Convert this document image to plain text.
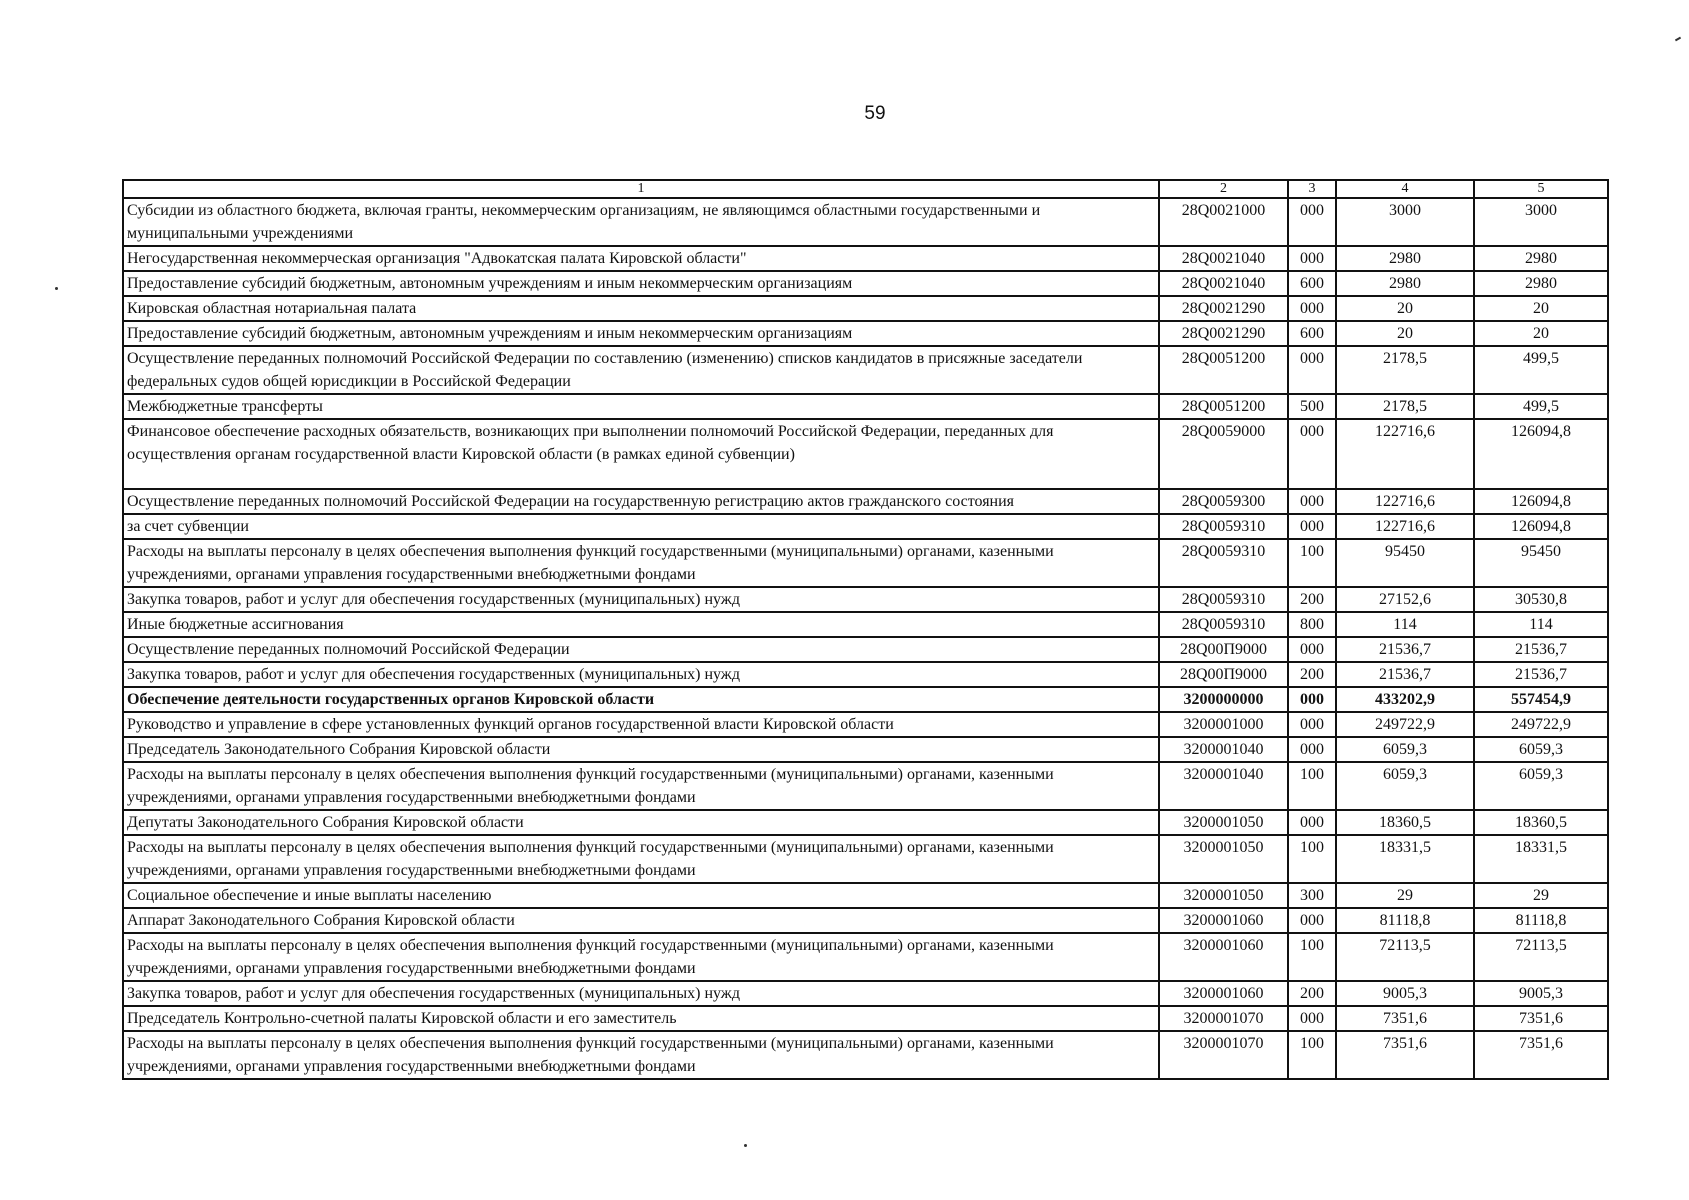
59
1	2	3	4	5
Субсидии из областного бюджета, включая гранты, некоммерческим организациям, не являющимся областными государственными и муниципальными учреждениями	28Q0021000	000	3000	3000
Негосударственная некоммерческая организация "Адвокатская палата Кировской области"	28Q0021040	000	2980	2980
Предоставление субсидий бюджетным, автономным учреждениям и иным некоммерческим организациям	28Q0021040	600	2980	2980
Кировская областная нотариальная палата	28Q0021290	000	20	20
Предоставление субсидий бюджетным, автономным учреждениям и иным некоммерческим организациям	28Q0021290	600	20	20
Осуществление переданных полномочий Российской Федерации по составлению (изменению) списков кандидатов в присяжные заседатели федеральных судов общей юрисдикции в Российской Федерации	28Q0051200	000	2178,5	499,5
Межбюджетные трансферты	28Q0051200	500	2178,5	499,5
Финансовое обеспечение расходных обязательств, возникающих при выполнении полномочий Российской Федерации, переданных для осуществления органам государственной власти Кировской области (в рамках единой субвенции)	28Q0059000	000	122716,6	126094,8
Осуществление переданных полномочий Российской Федерации на государственную регистрацию актов гражданского состояния	28Q0059300	000	122716,6	126094,8
за счет субвенции	28Q0059310	000	122716,6	126094,8
Расходы на выплаты персоналу в целях обеспечения выполнения функций государственными (муниципальными) органами, казенными учреждениями, органами управления государственными внебюджетными фондами	28Q0059310	100	95450	95450
Закупка товаров, работ и услуг для обеспечения государственных (муниципальных) нужд	28Q0059310	200	27152,6	30530,8
Иные бюджетные ассигнования	28Q0059310	800	114	114
Осуществление переданных полномочий Российской Федерации	28Q00П9000	000	21536,7	21536,7
Закупка товаров, работ и услуг для обеспечения государственных (муниципальных) нужд	28Q00П9000	200	21536,7	21536,7
Обеспечение деятельности государственных органов Кировской области	3200000000	000	433202,9	557454,9
Руководство и управление в сфере установленных функций органов государственной власти Кировской области	3200001000	000	249722,9	249722,9
Председатель Законодательного Собрания Кировской области	3200001040	000	6059,3	6059,3
Расходы на выплаты персоналу в целях обеспечения выполнения функций государственными (муниципальными) органами, казенными учреждениями, органами управления государственными внебюджетными фондами	3200001040	100	6059,3	6059,3
Депутаты Законодательного Собрания Кировской области	3200001050	000	18360,5	18360,5
Расходы на выплаты персоналу в целях обеспечения выполнения функций государственными (муниципальными) органами, казенными учреждениями, органами управления государственными внебюджетными фондами	3200001050	100	18331,5	18331,5
Социальное обеспечение и иные выплаты населению	3200001050	300	29	29
Аппарат Законодательного Собрания Кировской области	3200001060	000	81118,8	81118,8
Расходы на выплаты персоналу в целях обеспечения выполнения функций государственными (муниципальными) органами, казенными учреждениями, органами управления государственными внебюджетными фондами	3200001060	100	72113,5	72113,5
Закупка товаров, работ и услуг для обеспечения государственных (муниципальных) нужд	3200001060	200	9005,3	9005,3
Председатель Контрольно-счетной палаты Кировской области и его заместитель	3200001070	000	7351,6	7351,6
Расходы на выплаты персоналу в целях обеспечения выполнения функций государственными (муниципальными) органами, казенными учреждениями, органами управления государственными внебюджетными фондами	3200001070	100	7351,6	7351,6
